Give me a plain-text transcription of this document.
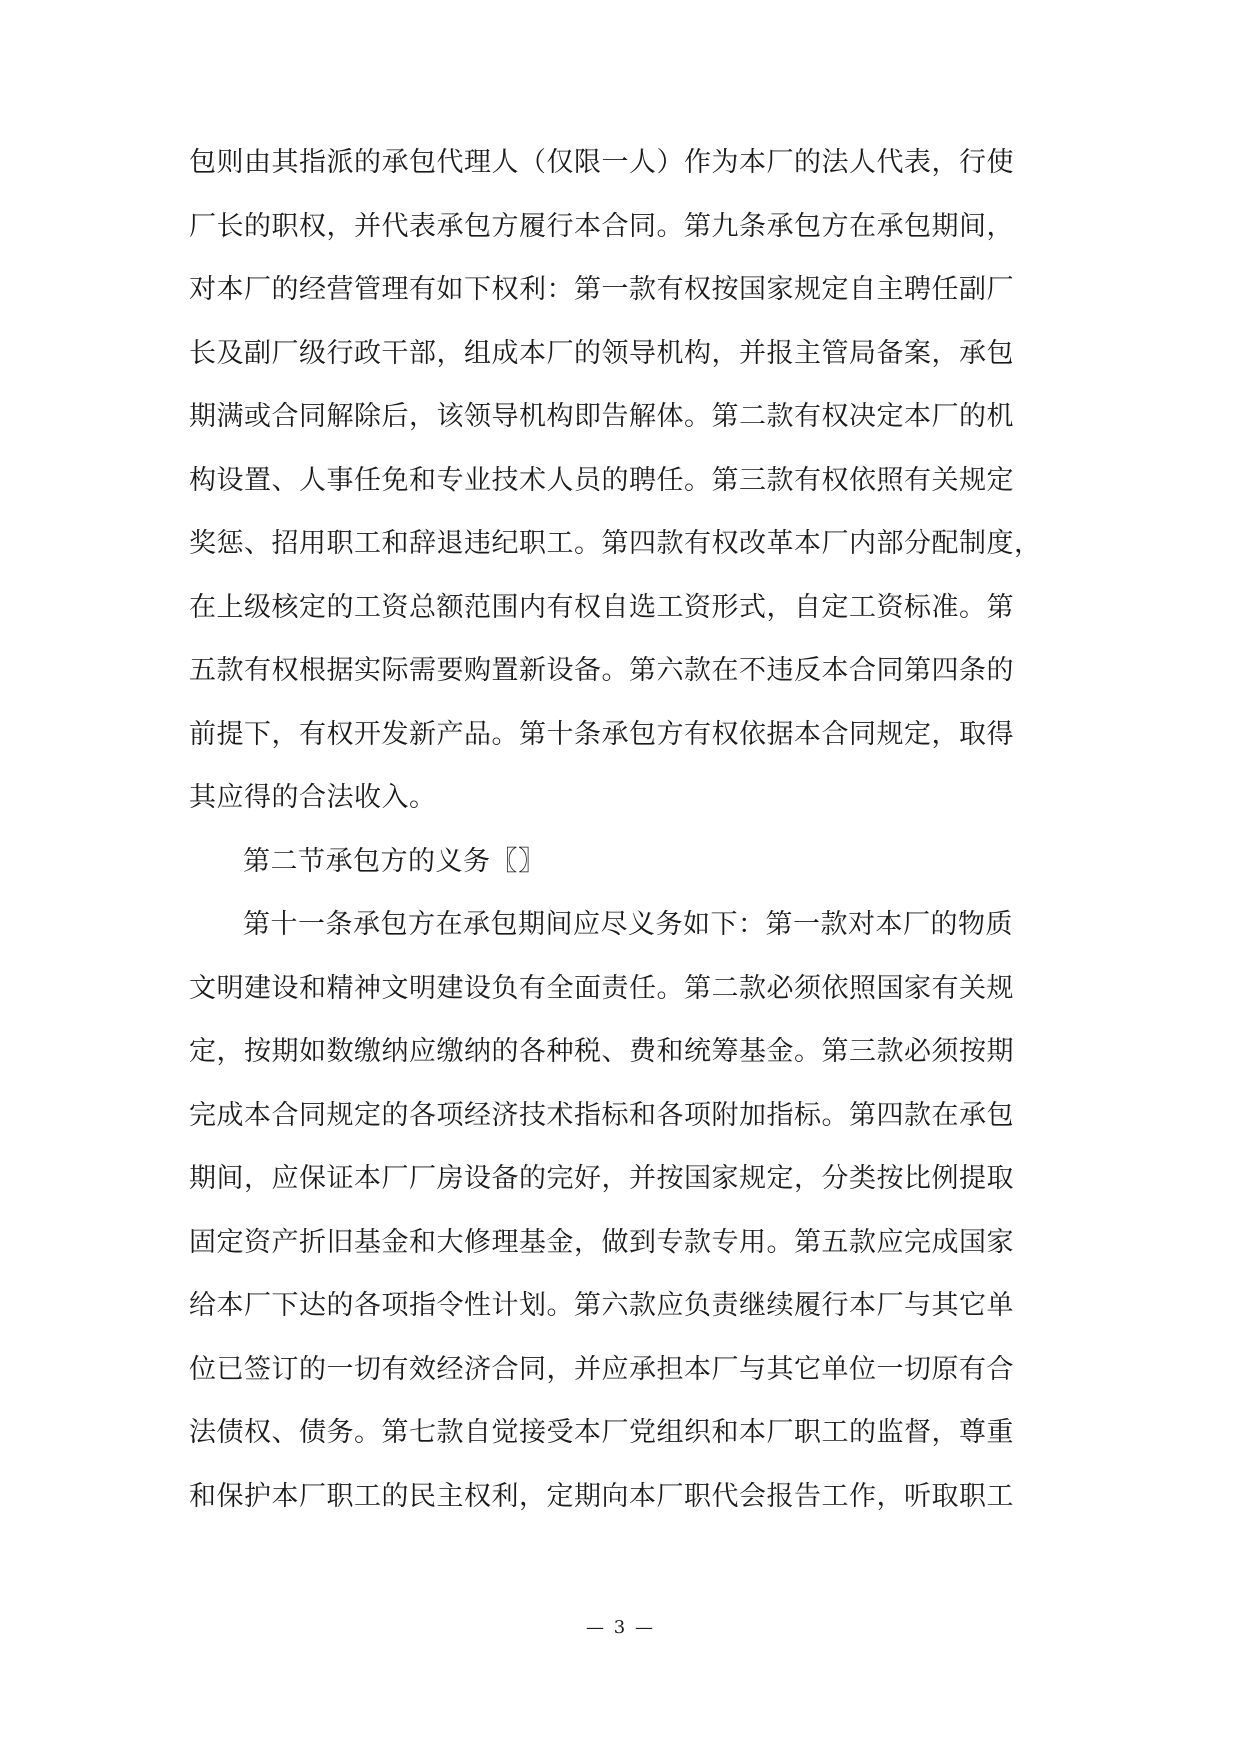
包则由其指派的承包代理人（仅限一人）作为本厂的法人代表，行使
厂长的职权，并代表承包方履行本合同。第九条承包方在承包期间，
对本厂的经营管理有如下权利：第一款有权按国家规定自主聘任副厂
长及副厂级行政干部，组成本厂的领导机构，并报主管局备案，承包
期满或合同解除后，该领导机构即告解体。第二款有权决定本厂的机
构设置、人事任免和专业技术人员的聘任。第三款有权依照有关规定
奖惩、招用职工和辞退违纪职工。第四款有权改革本厂内部分配制度，
在上级核定的工资总额范围内有权自选工资形式，自定工资标准。第
五款有权根据实际需要购置新设备。第六款在不违反本合同第四条的
前提下，有权开发新产品。第十条承包方有权依据本合同规定，取得
其应得的合法收入。
第二节承包方的义务〖〗
第十一条承包方在承包期间应尽义务如下：第一款对本厂的物质
文明建设和精神文明建设负有全面责任。第二款必须依照国家有关规
定，按期如数缴纳应缴纳的各种税、费和统筹基金。第三款必须按期
完成本合同规定的各项经济技术指标和各项附加指标。第四款在承包
期间，应保证本厂厂房设备的完好，并按国家规定，分类按比例提取
固定资产折旧基金和大修理基金，做到专款专用。第五款应完成国家
给本厂下达的各项指令性计划。第六款应负责继续履行本厂与其它单
位已签订的一切有效经济合同，并应承担本厂与其它单位一切原有合
法债权、债务。第七款自觉接受本厂党组织和本厂职工的监督，尊重
和保护本厂职工的民主权利，定期向本厂职代会报告工作，听取职工
— 3 —
